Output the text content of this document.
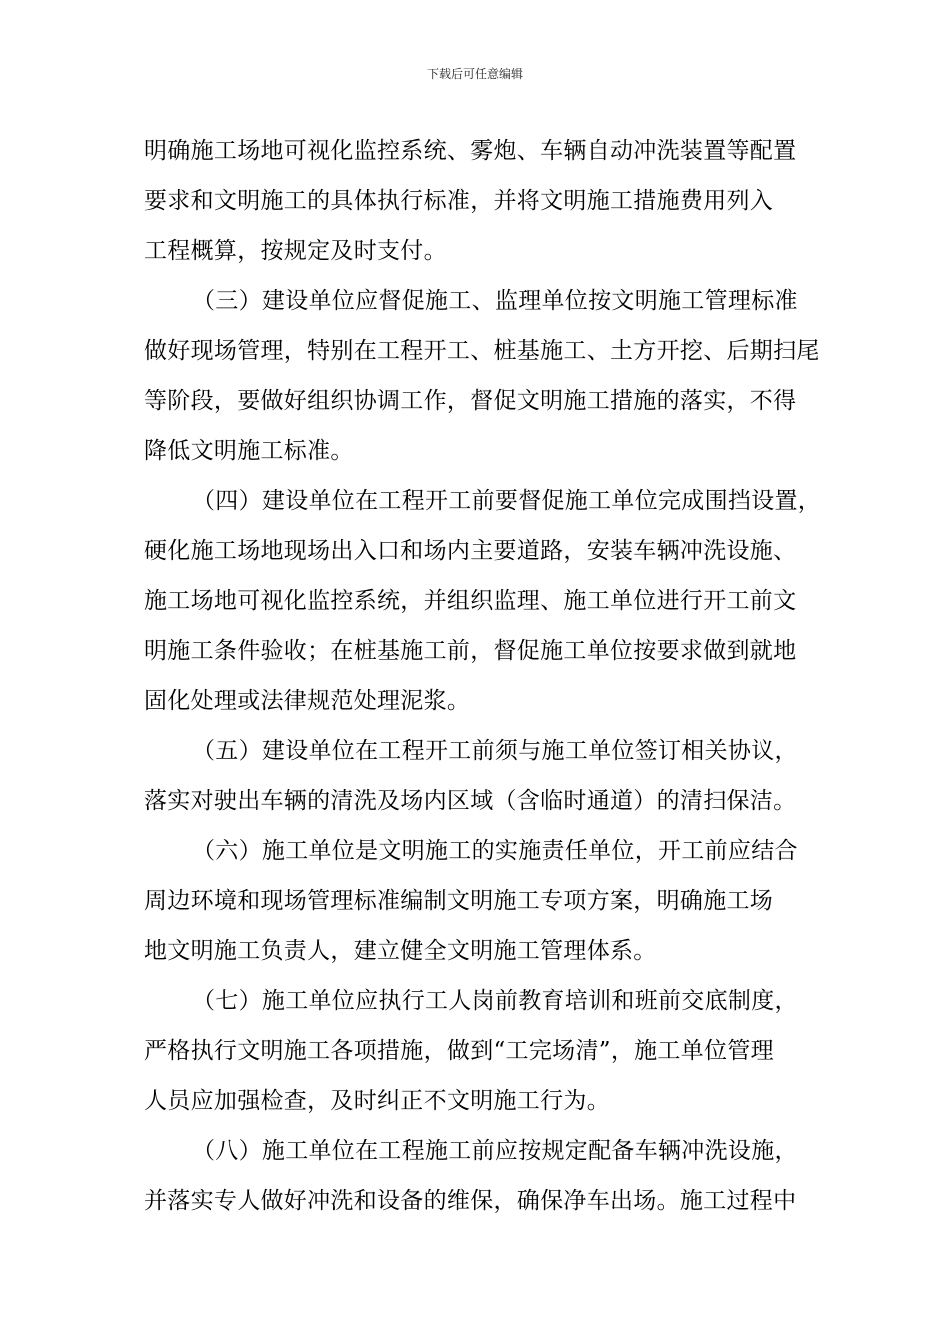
下载后可任意编辑
明确施工场地可视化监控系统、雾炮、车辆自动冲洗装置等配置
要求和文明施工的具体执行标准，并将文明施工措施费用列入
工程概算，按规定及时支付。
（三）建设单位应督促施工、监理单位按文明施工管理标准
做好现场管理，特别在工程开工、桩基施工、土方开挖、后期扫尾
等阶段，要做好组织协调工作，督促文明施工措施的落实，不得
降低文明施工标准。
（四）建设单位在工程开工前要督促施工单位完成围挡设置，
硬化施工场地现场出入口和场内主要道路，安装车辆冲洗设施、
施工场地可视化监控系统，并组织监理、施工单位进行开工前文
明施工条件验收；在桩基施工前，督促施工单位按要求做到就地
固化处理或法律规范处理泥浆。
（五）建设单位在工程开工前须与施工单位签订相关协议，
落实对驶出车辆的清洗及场内区域（含临时通道）的清扫保洁。
（六）施工单位是文明施工的实施责任单位，开工前应结合
周边环境和现场管理标准编制文明施工专项方案，明确施工场
地文明施工负责人，建立健全文明施工管理体系。
（七）施工单位应执行工人岗前教育培训和班前交底制度，
严格执行文明施工各项措施，做到“工完场清”，施工单位管理
人员应加强检查，及时纠正不文明施工行为。
（八）施工单位在工程施工前应按规定配备车辆冲洗设施，
并落实专人做好冲洗和设备的维保，确保净车出场。施工过程中
